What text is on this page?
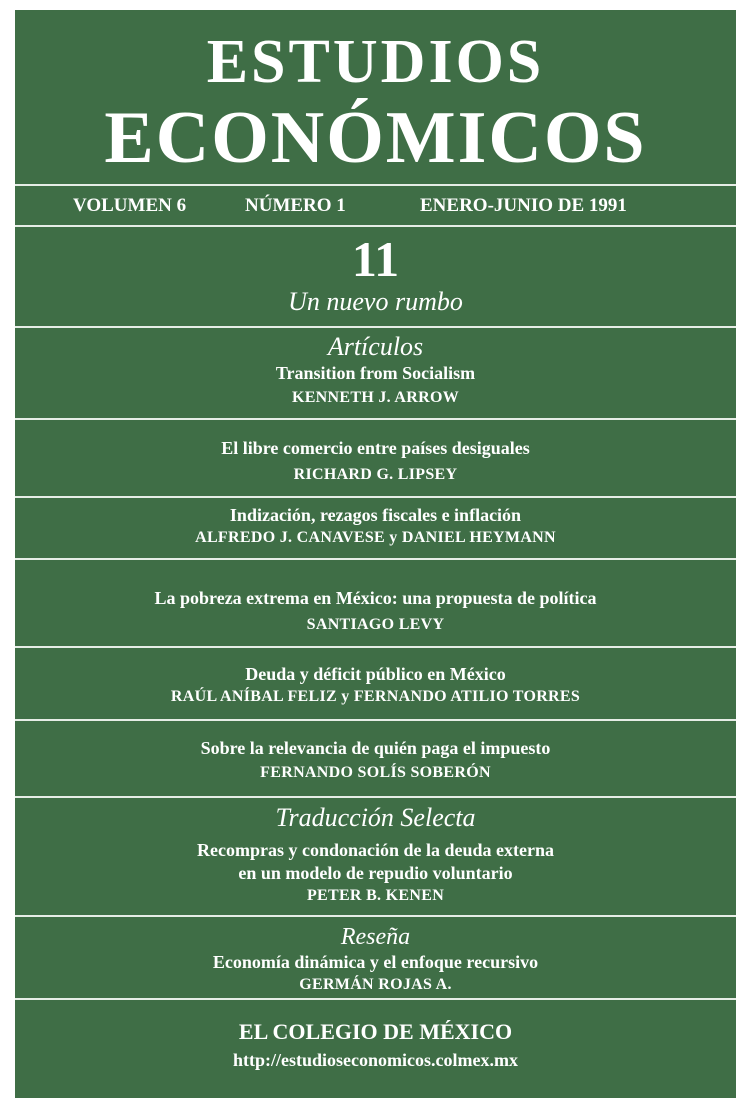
ESTUDIOS
ECONÓMICOS
VOLUMEN 6	NÚMERO 1	ENERO-JUNIO DE 1991
11
Un nuevo rumbo
Artículos
Transition from Socialism
KENNETH J. ARROW
El libre comercio entre países desiguales
RICHARD G. LIPSEY
Indización, rezagos fiscales e inflación
ALFREDO J. CANAVESE y DANIEL HEYMANN
La pobreza extrema en México: una propuesta de política
SANTIAGO LEVY
Deuda y déficit público en México
RAÚL ANÍBAL FELIZ y FERNANDO ATILIO TORRES
Sobre la relevancia de quién paga el impuesto
FERNANDO SOLÍS SOBERÓN
Traducción Selecta
Recompras y condonación de la deuda externa
en un modelo de repudio voluntario
PETER B. KENEN
Reseña
Economía dinámica y el enfoque recursivo
GERMÁN ROJAS A.
EL COLEGIO DE MÉXICO
http://estudioseconomicos.colmex.mx
